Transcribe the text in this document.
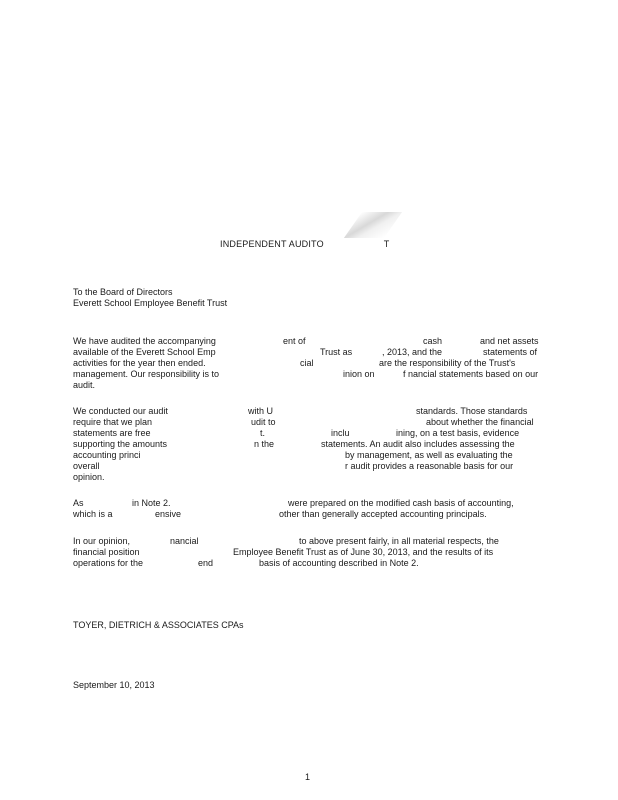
INDEPENDENT AUDITO	T
To the Board of Directors
Everett School Employee Benefit Trust
We have audited the accompanying	ent of	cash	and net assets
available of the Everett School Emp	Trust as	, 2013, and the	statements of
activities for the year then ended.	cial	are the responsibility of the Trust's
management. Our responsibility is to	inion on	f nancial statements based on our
audit.
We conducted our audit	with U	standards. Those standards
require that we plan	udit to	about whether the financial
statements are free	t.	inclu	ining, on a test basis, evidence
supporting the amounts	n the	statements. An audit also includes assessing the
accounting princi	by management, as well as evaluating the
overall	r audit provides a reasonable basis for our
opinion.
As	in Note 2.	were prepared on the modified cash basis of accounting,
which is a	ensive	other than generally accepted accounting principals.
In our opinion,	nancial	to above present fairly, in all material respects, the
financial position	Employee Benefit Trust as of June 30, 2013, and the results of its
operations for the	end	basis of accounting described in Note 2.
TOYER, DIETRICH & ASSOCIATES CPAs
September 10, 2013
1
